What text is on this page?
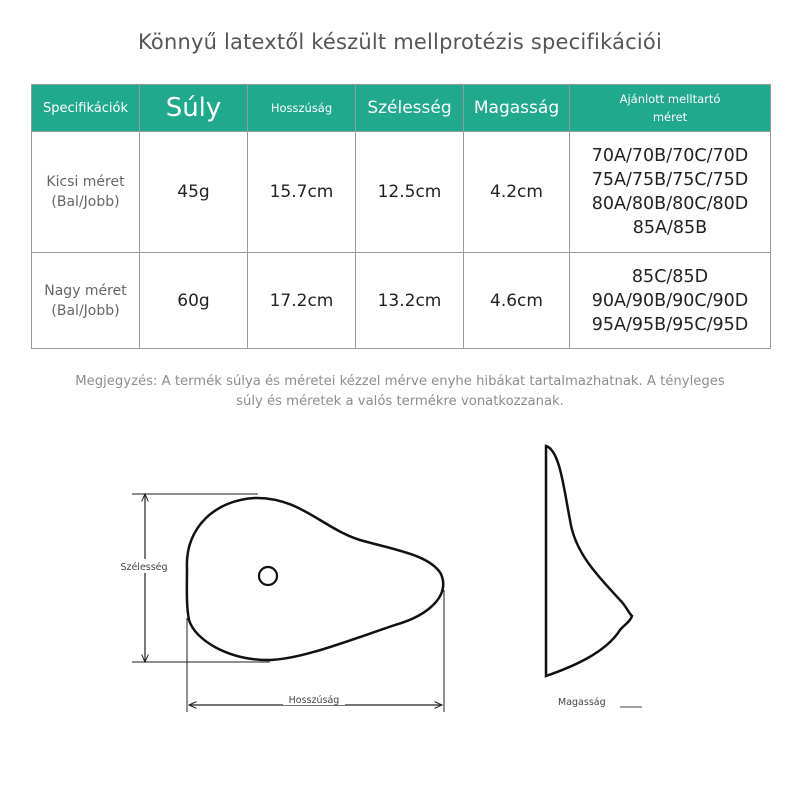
Könnyű latextől készült mellprotézis specifikációi
Specifikációk	Súly	Hosszúság	Szélesség	Magasság	Ajánlott melltartó
méret

Kicsi méret
(Bal/Jobb)	45g	15.7cm	12.5cm	4.2cm	70A/70B/70C/70D
75A/75B/75C/75D
80A/80B/80C/80D
85A/85B

Nagy méret
(Bal/Jobb)	60g	17.2cm	13.2cm	4.6cm	85C/85D
90A/90B/90C/90D
95A/95B/95C/95D
Megjegyzés: A termék súlya és méretei kézzel mérve enyhe hibákat tartalmazhatnak. A tényleges
súly és méretek a valós termékre vonatkozzanak.
Szélesség
Hosszúság	Magasság
